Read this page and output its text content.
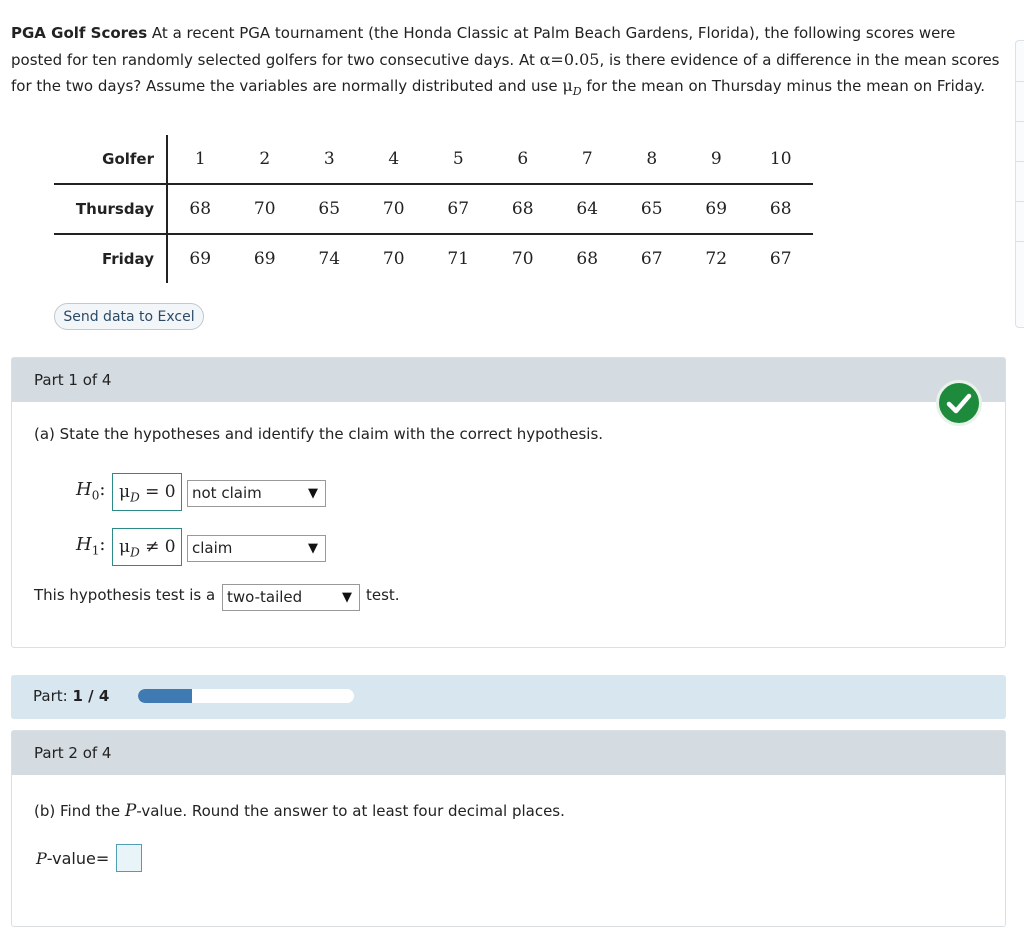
PGA Golf Scores At a recent PGA tournament (the Honda Classic at Palm Beach Gardens, Florida), the following scores were posted for ten randomly selected golfers for two consecutive days. At α=0.05, is there evidence of a difference in the mean scores for the two days? Assume the variables are normally distributed and use $\mu_D$ for the mean on Thursday minus the mean on Friday.
Golfer	1	2	3	4	5	6	7	8	9	10
Thursday	68	70	65	70	67	68	64	65	69	68
Friday	69	69	74	70	71	70	68	67	72	67
Send data to Excel
Part 1 of 4
(a) State the hypotheses and identify the claim with the correct hypothesis.
$H_0$: $\mu_D = 0$	not claim	▼
$H_1$: $\mu_D \ne 0$	claim	▼
This hypothesis test is a two-tailed	▼ test.
Part: 1 / 4
Part 2 of 4
(b) Find the P-value. Round the answer to at least four decimal places.
P-value=
